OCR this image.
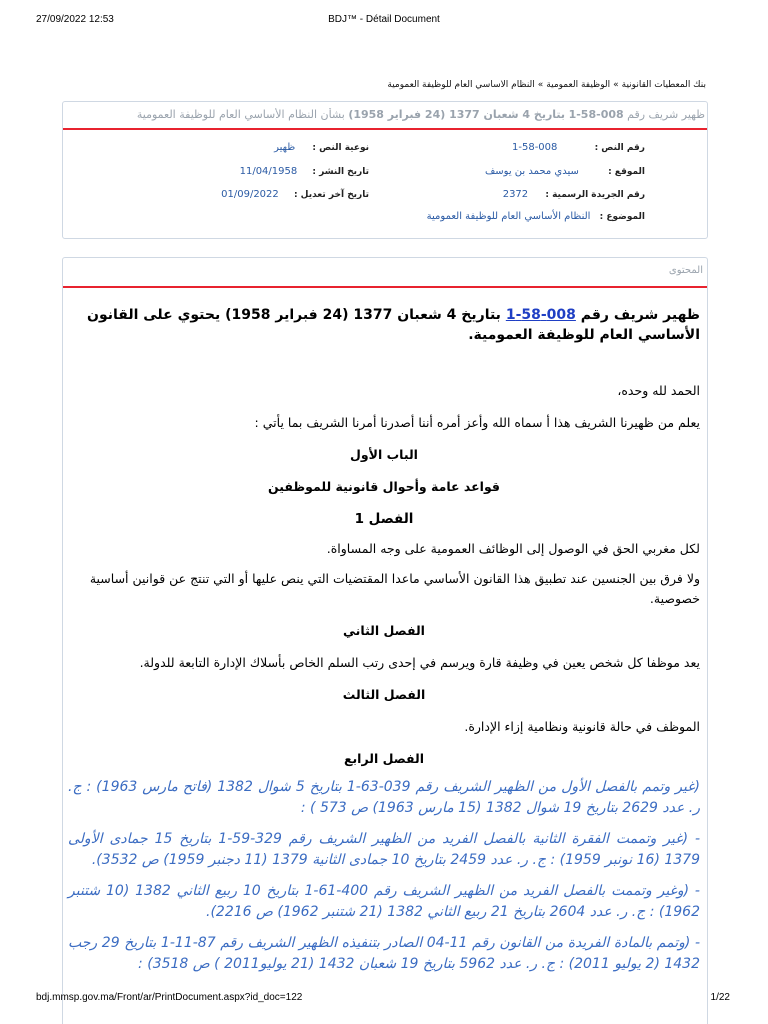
27/09/2022 12:53	BDJ™ - Détail Document
بنك المعطيات القانونية»الوظيفة العمومية»النظام الأساسي العام للوظيفة العمومية
ظهير شريف رقم 008-58-1 بتاريخ 4 شعبان 1377 (24 فبراير 1958) بشأن النظام الأساسي العام للوظيفة العمومية
رقم النص : 008-58-1
نوعية النص : ظهير
الموقع : سيدي محمد بن يوسف
تاريخ النشر : 11/04/1958
رقم الجريدة الرسمية : 2372
تاريخ آخر تعديل : 01/09/2022
الموضوع : النظام الأساسي العام للوظيفة العمومية
المحتوى

ظهير شريف رقم 008-58-1 بتاريخ 4 شعبان 1377 (24 فبراير 1958) يحتوي على القانون الأساسي العام للوظيفة العمومية.

الحمد لله وحده،

يعلم من ظهيرنا الشريف هذا أ سماه الله وأعز أمره أننا أصدرنا أمرنا الشريف بما يأتي :

الباب الأول

قواعد عامة وأحوال قانونية للموظفين

الفصل 1

لكل مغربي الحق في الوصول إلى الوظائف العمومية على وجه المساواة.

ولا فرق بين الجنسين عند تطبيق هذا القانون الأساسي ماعدا المقتضيات التي ينص عليها أو التي تنتج عن قوانين أساسية خصوصية.

الفصل الثاني

يعد موظفا كل شخص يعين في وظيفة قارة ويرسم في إحدى رتب السلم الخاص بأسلاك الإدارة التابعة للدولة.

الفصل الثالث

الموظف في حالة قانونية ونظامية إزاء الإدارة.

الفصل الرابع

(غير وتمم بالفصل الأول من الظهير الشريف رقم 039-63-1 بتاريخ 5 شوال 1382 (فاتح مارس 1963) : ج. ر. عدد 2629 بتاريخ 19 شوال 1382 (15 مارس 1963) ص 573 ) :

- (غير وتممت الفقرة الثانية بالفصل الفريد من الظهير الشريف رقم 329-59-1 بتاريخ 15 جمادى الأولى 1379 (16 نونبر 1959) : ج. ر. عدد 2459 بتاريخ 10 جمادى الثانية 1379 (11 دجنبر 1959) ص 3532).

- (وغير وتممت بالفصل الفريد من الظهير الشريف رقم 400-61-1 بتاريخ 10 ربيع الثاني 1382 (10 شتنبر 1962) : ج. ر. عدد 2604 بتاريخ 21 ربيع الثاني 1382 (21 شتنبر 1962) ص 2216).

- (وتمم بالمادة الفريدة من القانون رقم 11-04 الصادر بتنفيذه الظهير الشريف رقم 87-11-1 بتاريخ 29 رجب 1432 (2 يوليو 2011) : ج. ر. عدد 5962 بتاريخ 19 شعبان 1432 (21 يوليو2011 ) ص 3518) :

bdj.mmsp.gov.ma/Front/ar/PrintDocument.aspx?id_doc=122	1/22
